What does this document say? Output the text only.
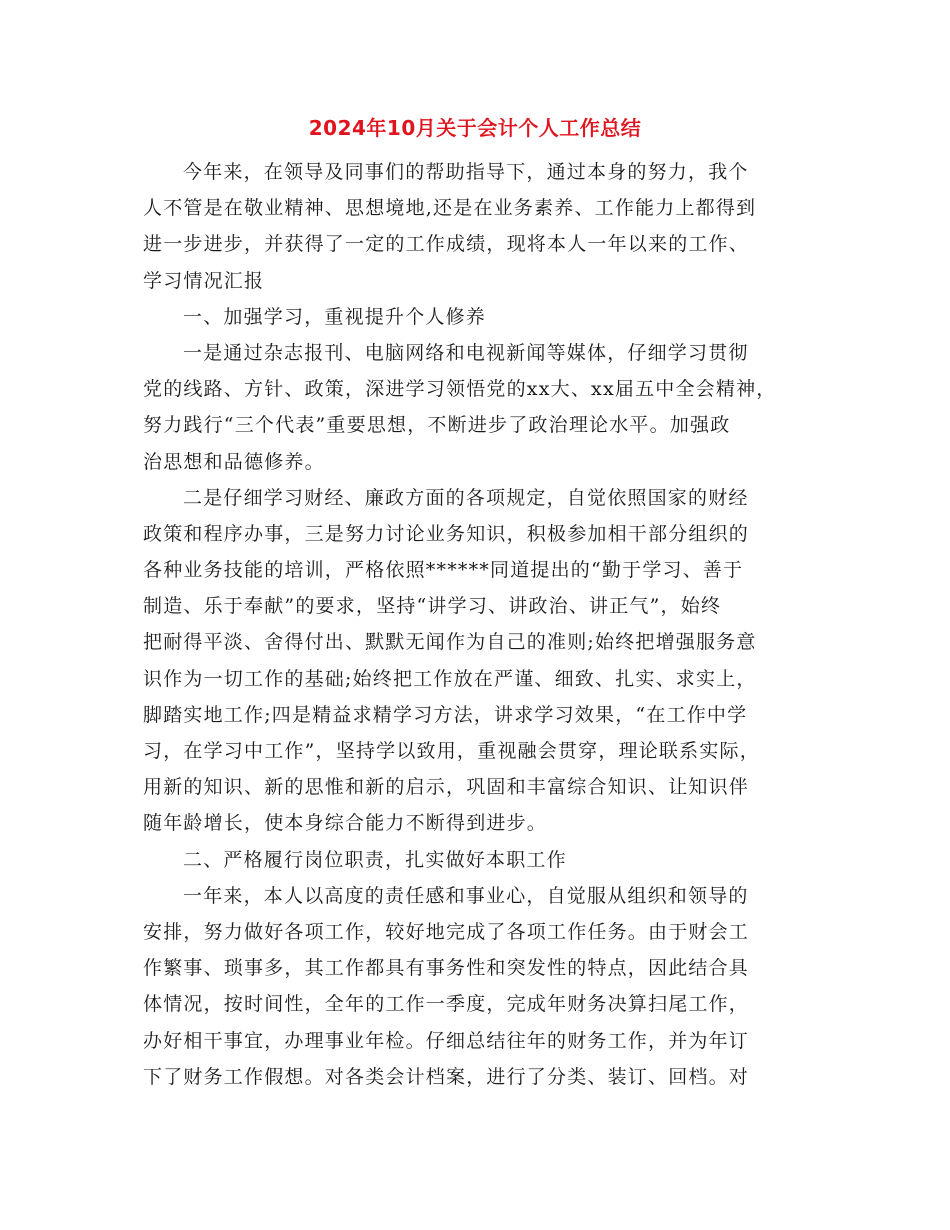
2024年10月关于会计个人工作总结
今年来，在领导及同事们的帮助指导下，通过本身的努力，我个
人不管是在敬业精神、思想境地,还是在业务素养、工作能力上都得到
进一步进步，并获得了一定的工作成绩，现将本人一年以来的工作、
学习情况汇报
一、加强学习，重视提升个人修养
一是通过杂志报刊、电脑网络和电视新闻等媒体，仔细学习贯彻
党的线路、方针、政策，深进学习领悟党的xx大、xx届五中全会精神，
努力践行“三个代表”重要思想，不断进步了政治理论水平。加强政
治思想和品德修养。
二是仔细学习财经、廉政方面的各项规定，自觉依照国家的财经
政策和程序办事，三是努力讨论业务知识，积极参加相干部分组织的
各种业务技能的培训，严格依照******同道提出的“勤于学习、善于
制造、乐于奉献”的要求，坚持“讲学习、讲政治、讲正气”，始终
把耐得平淡、舍得付出、默默无闻作为自己的准则;始终把增强服务意
识作为一切工作的基础;始终把工作放在严谨、细致、扎实、求实上，
脚踏实地工作;四是精益求精学习方法，讲求学习效果，“在工作中学
习，在学习中工作”，坚持学以致用，重视融会贯穿，理论联系实际，
用新的知识、新的思惟和新的启示，巩固和丰富综合知识、让知识伴
随年龄增长，使本身综合能力不断得到进步。
二、严格履行岗位职责，扎实做好本职工作
一年来，本人以高度的责任感和事业心，自觉服从组织和领导的
安排，努力做好各项工作，较好地完成了各项工作任务。由于财会工
作繁事、琐事多，其工作都具有事务性和突发性的特点，因此结合具
体情况，按时间性，全年的工作一季度，完成年财务决算扫尾工作，
办好相干事宜，办理事业年检。仔细总结往年的财务工作，并为年订
下了财务工作假想。对各类会计档案，进行了分类、装订、回档。对
